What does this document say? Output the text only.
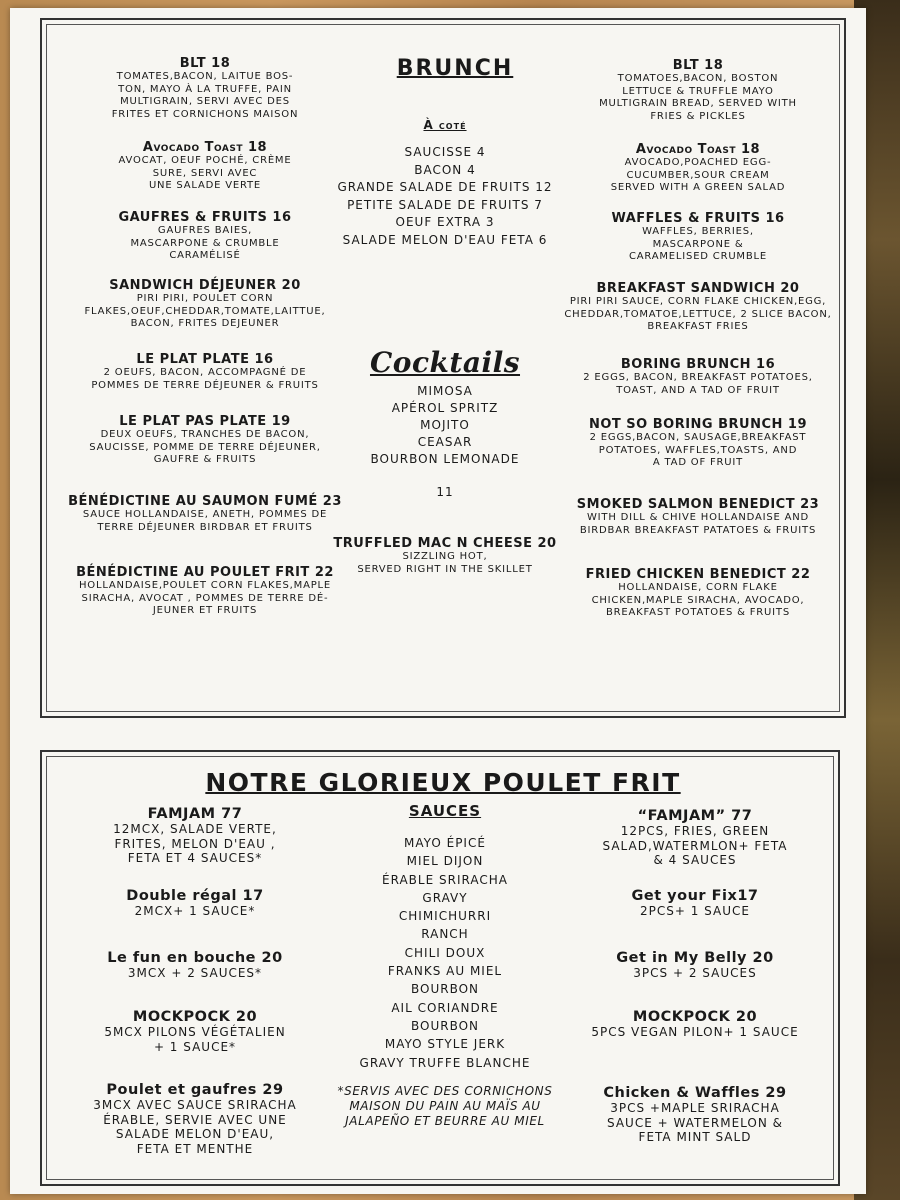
BRUNCH
BLT 18
TOMATES,BACON, LAITUE BOS-
TON, MAYO À LA TRUFFE, PAIN
MULTIGRAIN, SERVI AVEC DES
FRITES ET CORNICHONS MAISON
Avocado Toast 18
AVOCAT, OEUF POCHÉ, CRÈME
SURE, SERVI AVEC
UNE SALADE VERTE
GAUFRES & FRUITS 16
GAUFRES BAIES,
MASCARPONE & CRUMBLE
CARAMÉLISÉ
SANDWICH DÉJEUNER 20
PIRI PIRI, POULET CORN
FLAKES,OEUF,CHEDDAR,TOMATE,LAITTUE,
BACON, FRITES DEJEUNER
LE PLAT PLATE 16
2 OEUFS, BACON, ACCOMPAGNÉ DE
POMMES DE TERRE DÉJEUNER & FRUITS
LE PLAT PAS PLATE 19
DEUX OEUFS, TRANCHES DE BACON,
SAUCISSE, POMME DE TERRE DÉJEUNER,
GAUFRE & FRUITS
BÉNÉDICTINE AU SAUMON FUMÉ 23
SAUCE HOLLANDAISE, ANETH, POMMES DE
TERRE DÉJEUNER BIRDBAR ET FRUITS
BÉNÉDICTINE AU POULET FRIT 22
HOLLANDAISE,POULET CORN FLAKES,MAPLE
SIRACHA, AVOCAT , POMMES DE TERRE DÉ-
JEUNER ET FRUITS
BLT 18
TOMATOES,BACON, BOSTON
LETTUCE & TRUFFLE MAYO
MULTIGRAIN BREAD, SERVED WITH
FRIES & PICKLES
Avocado Toast 18
AVOCADO,POACHED EGG-
CUCUMBER,SOUR CREAM
SERVED WITH A GREEN SALAD
WAFFLES & FRUITS 16
WAFFLES, BERRIES,
MASCARPONE &
CARAMELISED CRUMBLE
BREAKFAST SANDWICH 20
PIRI PIRI SAUCE, CORN FLAKE CHICKEN,EGG,
CHEDDAR,TOMATOE,LETTUCE, 2 SLICE BACON,
BREAKFAST FRIES
BORING BRUNCH 16
2 EGGS, BACON, BREAKFAST POTATOES,
TOAST, AND A TAD OF FRUIT
NOT SO BORING BRUNCH 19
2 EGGS,BACON, SAUSAGE,BREAKFAST
POTATOES, WAFFLES,TOASTS, AND
A TAD OF FRUIT
SMOKED SALMON BENEDICT 23
WITH DILL & CHIVE HOLLANDAISE AND
BIRDBAR BREAKFAST PATATOES & FRUITS
FRIED CHICKEN BENEDICT 22
HOLLANDAISE, CORN FLAKE
CHICKEN,MAPLE SIRACHA, AVOCADO,
BREAKFAST POTATOES & FRUITS
À coté
SAUCISSE 4
BACON 4
GRANDE SALADE DE FRUITS 12
PETITE SALADE DE FRUITS 7
OEUF EXTRA 3
SALADE MELON D'EAU FETA 6
Cocktails
MIMOSA
APÉROL SPRITZ
MOJITO
CEASAR
BOURBON LEMONADE
11
TRUFFLED MAC N CHEESE 20
SIZZLING HOT,
SERVED RIGHT IN THE SKILLET
NOTRE GLORIEUX POULET FRIT
FAMJAM 77
12MCX, SALADE VERTE,
FRITES, MELON D'EAU ,
FETA ET 4 SAUCES*
Double régal 17
2MCX+ 1 SAUCE*
Le fun en bouche 20
3MCX + 2 SAUCES*
MOCKPOCK 20
5MCX PILONS VÉGÉTALIEN
+ 1 SAUCE*
Poulet et gaufres 29
3MCX AVEC SAUCE SRIRACHA
ÉRABLE, SERVIE AVEC UNE
SALADE MELON D'EAU,
FETA ET MENTHE
“FAMJAM” 77
12PCS, FRIES, GREEN
SALAD,WATERMLON+ FETA
& 4 SAUCES
Get your Fix17
2PCS+ 1 SAUCE
Get in My Belly 20
3PCS + 2 SAUCES
MOCKPOCK 20
5PCS VEGAN PILON+ 1 SAUCE
Chicken & Waffles 29
3PCS +MAPLE SRIRACHA
SAUCE + WATERMELON &
FETA MINT SALD
SAUCES
MAYO ÉPICÉ
MIEL DIJON
ÉRABLE SRIRACHA
GRAVY
CHIMICHURRI
RANCH
CHILI DOUX
FRANKS AU MIEL
BOURBON
AIL CORIANDRE
BOURBON
MAYO STYLE JERK
GRAVY TRUFFE BLANCHE
*SERVIS AVEC DES CORNICHONS
MAISON DU PAIN AU MAÏS AU
JALAPEÑO ET BEURRE AU MIEL
